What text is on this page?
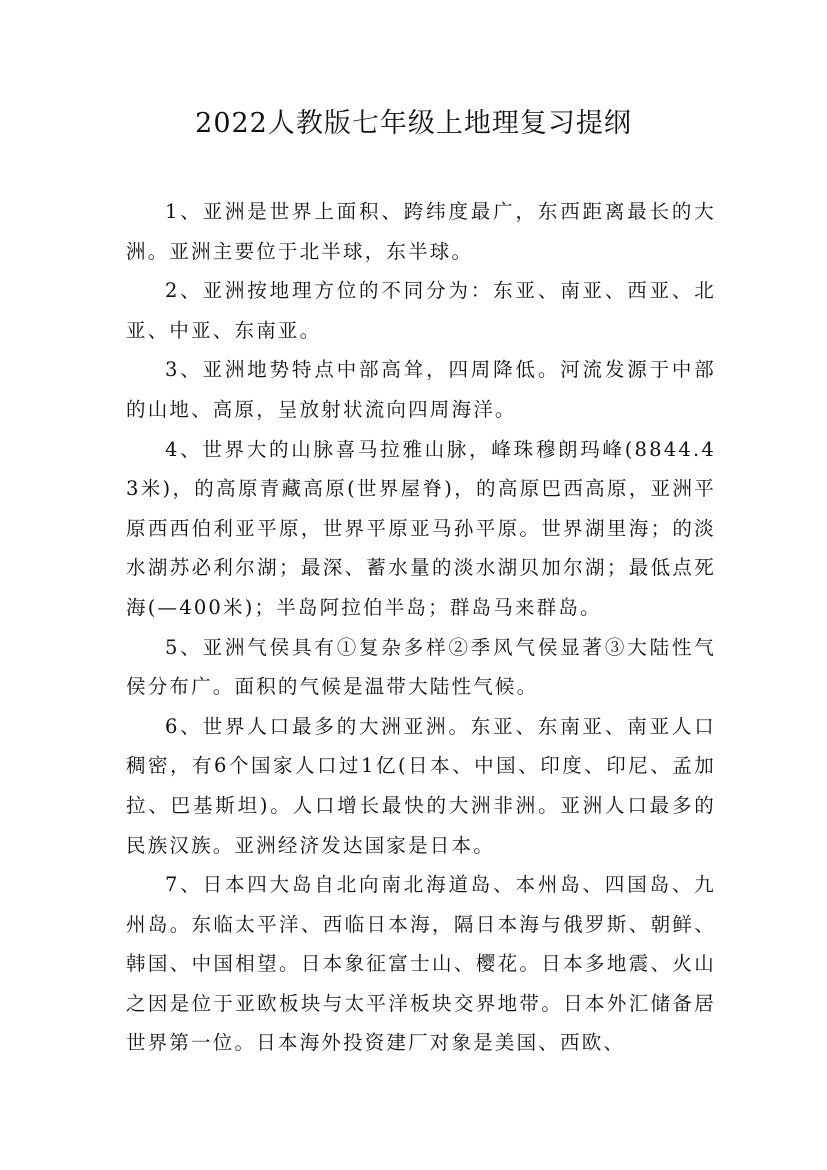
2022人教版七年级上地理复习提纲

1、亚洲是世界上面积、跨纬度最广，东西距离最长的大洲。亚洲主要位于北半球，东半球。

2、亚洲按地理方位的不同分为：东亚、南亚、西亚、北亚、中亚、东南亚。

3、亚洲地势特点中部高耸，四周降低。河流发源于中部的山地、高原，呈放射状流向四周海洋。

4、世界大的山脉喜马拉雅山脉，峰珠穆朗玛峰(8844.43米)，的高原青藏高原(世界屋脊)，的高原巴西高原，亚洲平原西西伯利亚平原，世界平原亚马孙平原。世界湖里海；的淡水湖苏必利尔湖；最深、蓄水量的淡水湖贝加尔湖；最低点死海(—400米)；半岛阿拉伯半岛；群岛马来群岛。

5、亚洲气侯具有①复杂多样②季风气侯显著③大陆性气侯分布广。面积的气候是温带大陆性气候。

6、世界人口最多的大洲亚洲。东亚、东南亚、南亚人口稠密，有6个国家人口过1亿(日本、中国、印度、印尼、孟加拉、巴基斯坦)。人口增长最快的大洲非洲。亚洲人口最多的民族汉族。亚洲经济发达国家是日本。

7、日本四大岛自北向南北海道岛、本州岛、四国岛、九州岛。东临太平洋、西临日本海，隔日本海与俄罗斯、朝鲜、韩国、中国相望。日本象征富士山、樱花。日本多地震、火山之因是位于亚欧板块与太平洋板块交界地带。日本外汇储备居世界第一位。日本海外投资建厂对象是美国、西欧、
